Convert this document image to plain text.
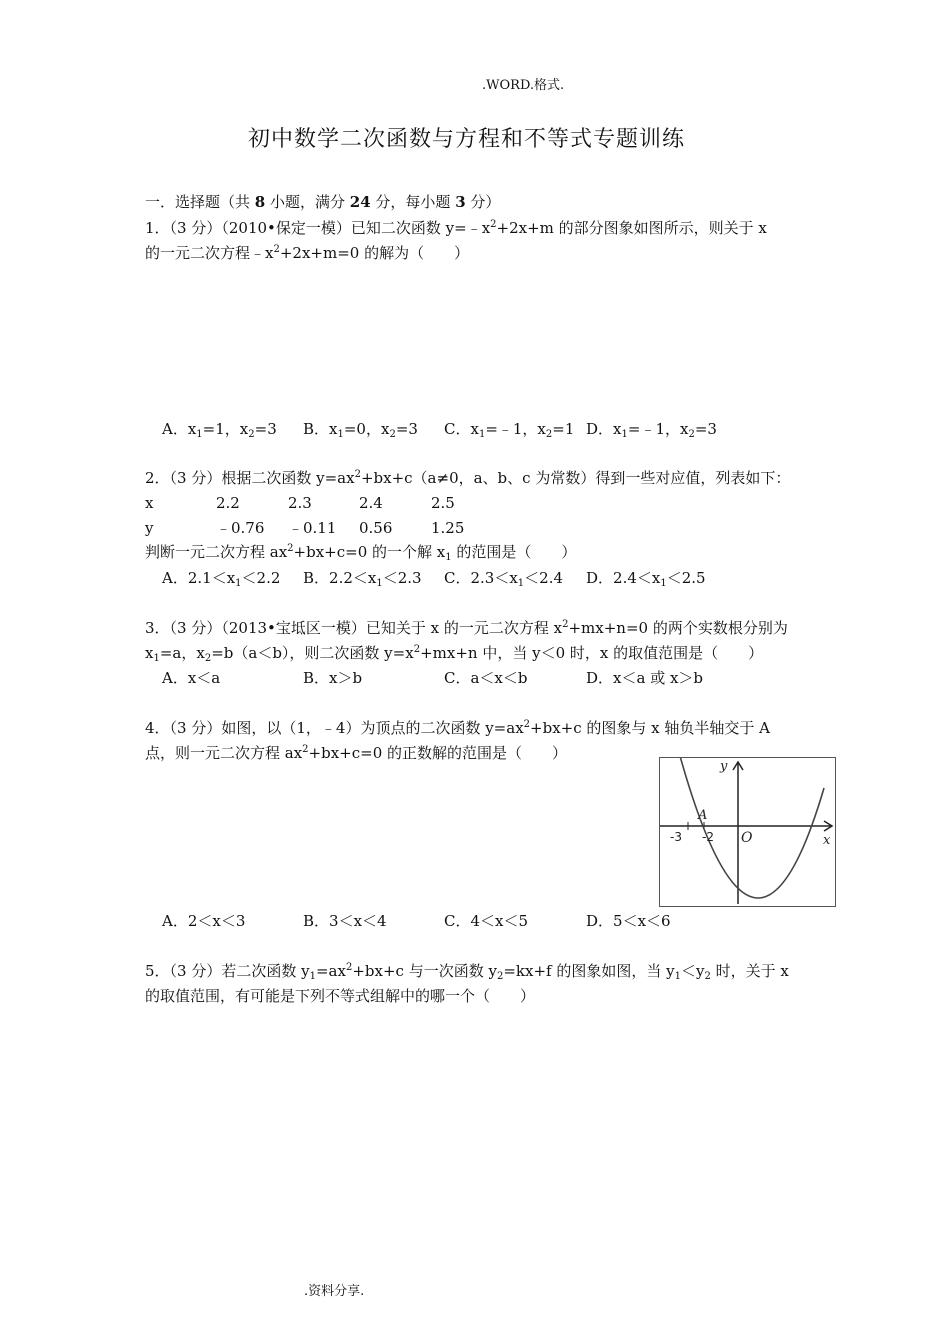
.WORD.格式.
初中数学二次函数与方程和不等式专题训练
一．选择题（共 8 小题，满分 24 分，每小题 3 分）
1．（3 分）（2010•保定一模）已知二次函数 $y=﹣x^2+2x+m$ 的部分图象如图所示，则关于 x
的一元二次方程$﹣x^2+2x+m=0$ 的解为（　　）
A．$x_1=1$，$x_2=3$ B．$x_1=0$，$x_2=3$ C．$x_1=﹣1$，$x_2=1$ D．$x_1=﹣1$，$x_2=3$
2．（3 分）根据二次函数 $y=ax^2+bx+c(a\ne 0$，a、b、c 为常数）得到一些对应值，列表如下：
x	2.2	2.3	2.4	2.5
y	﹣0.76 ﹣0.11 0.56	1.25
判断一元二次方程 $ax^2+bx+c=0$ 的一个解 $x_1$ 的范围是（　　）
A．$2.1<x_1<2.2$ B．$2.2<x_1<2.3$ C．$2.3<x_1<2.4$ D．$2.4<x_1<2.5$
3．（3 分）（2013•宝坻区一模）已知关于 x 的一元二次方程 $x^2+mx+n=0$ 的两个实数根分别为
$x_1=a$，$x_2=b(a<b)$，则二次函数 $y=x^2+mx+n$ 中，当 y＜0 时，x 的取值范围是（　　）
A．x＜a	B．x＞b	C．a＜x＜b	D．x＜a 或 x＞b
4．（3 分）如图，以（1，﹣4）为顶点的二次函数 $y=ax^2+bx+c$ 的图象与 x 轴负半轴交于 A
点，则一元二次方程 $ax^2+bx+c=0$ 的正数解的范围是（　　）
y
x
O
A
-3 -2
A．2＜x＜3	B．3＜x＜4	C．4＜x＜5	D．5＜x＜6
5．（3 分）若二次函数 $y_1=ax^2+bx+c$ 与一次函数 $y_2=kx+f$ 的图象如图，当 $y_1<y_2$ 时，关于 x
的取值范围，有可能是下列不等式组解中的哪一个（　　）
.资料分享.
